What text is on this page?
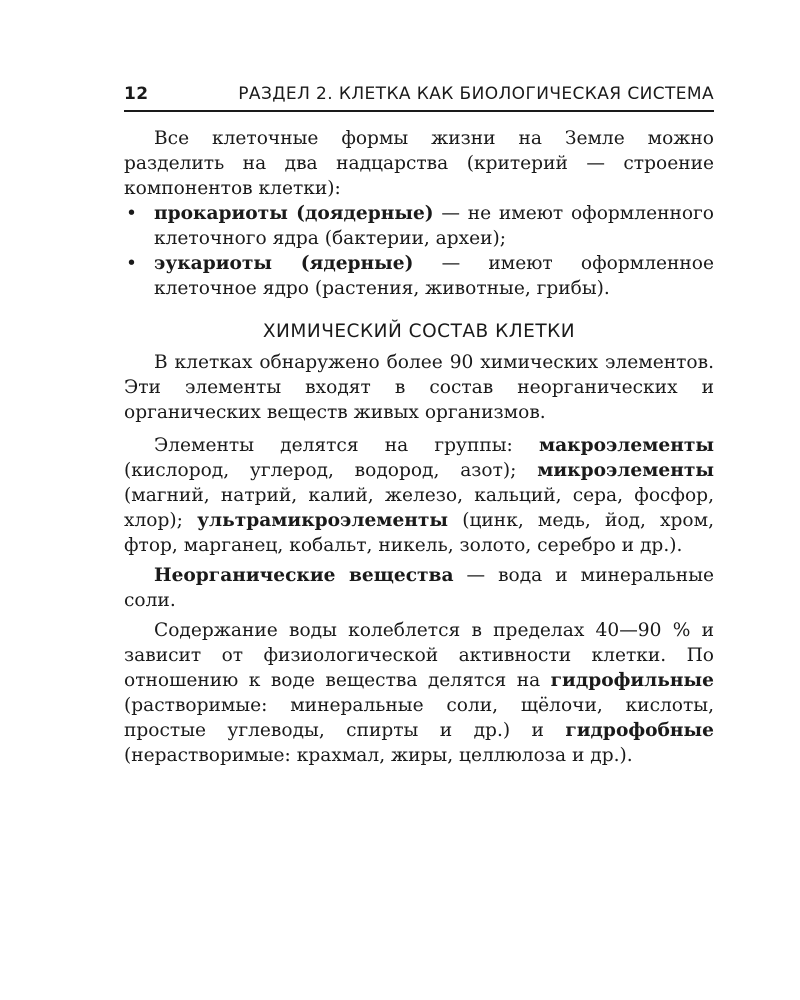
12	РАЗДЕЛ 2. КЛЕТКА КАК БИОЛОГИЧЕСКАЯ СИСТЕМА

Все клеточные формы жизни на Земле можно разделить на два надцарства (критерий — строение компонентов клетки):

• прокариоты (доядерные) — не имеют оформленного клеточного ядра (бактерии, археи);
• эукариоты (ядерные) — имеют оформленное клеточное ядро (растения, животные, грибы).
ХИМИЧЕСКИЙ СОСТАВ КЛЕТКИ

В клетках обнаружено более 90 химических элементов. Эти элементы входят в состав неорганических и органических веществ живых организмов.

Элементы делятся на группы: макроэлементы (кислород, углерод, водород, азот); микроэлементы (магний, натрий, калий, железо, кальций, сера, фосфор, хлор); ультрамикроэлементы (цинк, медь, йод, хром, фтор, марганец, кобальт, никель, золото, серебро и др.).

Неорганические вещества — вода и минеральные соли.

Содержание воды колеблется в пределах 40—90 % и зависит от физиологической активности клетки. По отношению к воде вещества делятся на гидрофильные (растворимые: минеральные соли, щёлочи, кислоты, простые углеводы, спирты и др.) и гидрофобные (нерастворимые: крахмал, жиры, целлюлоза и др.).
